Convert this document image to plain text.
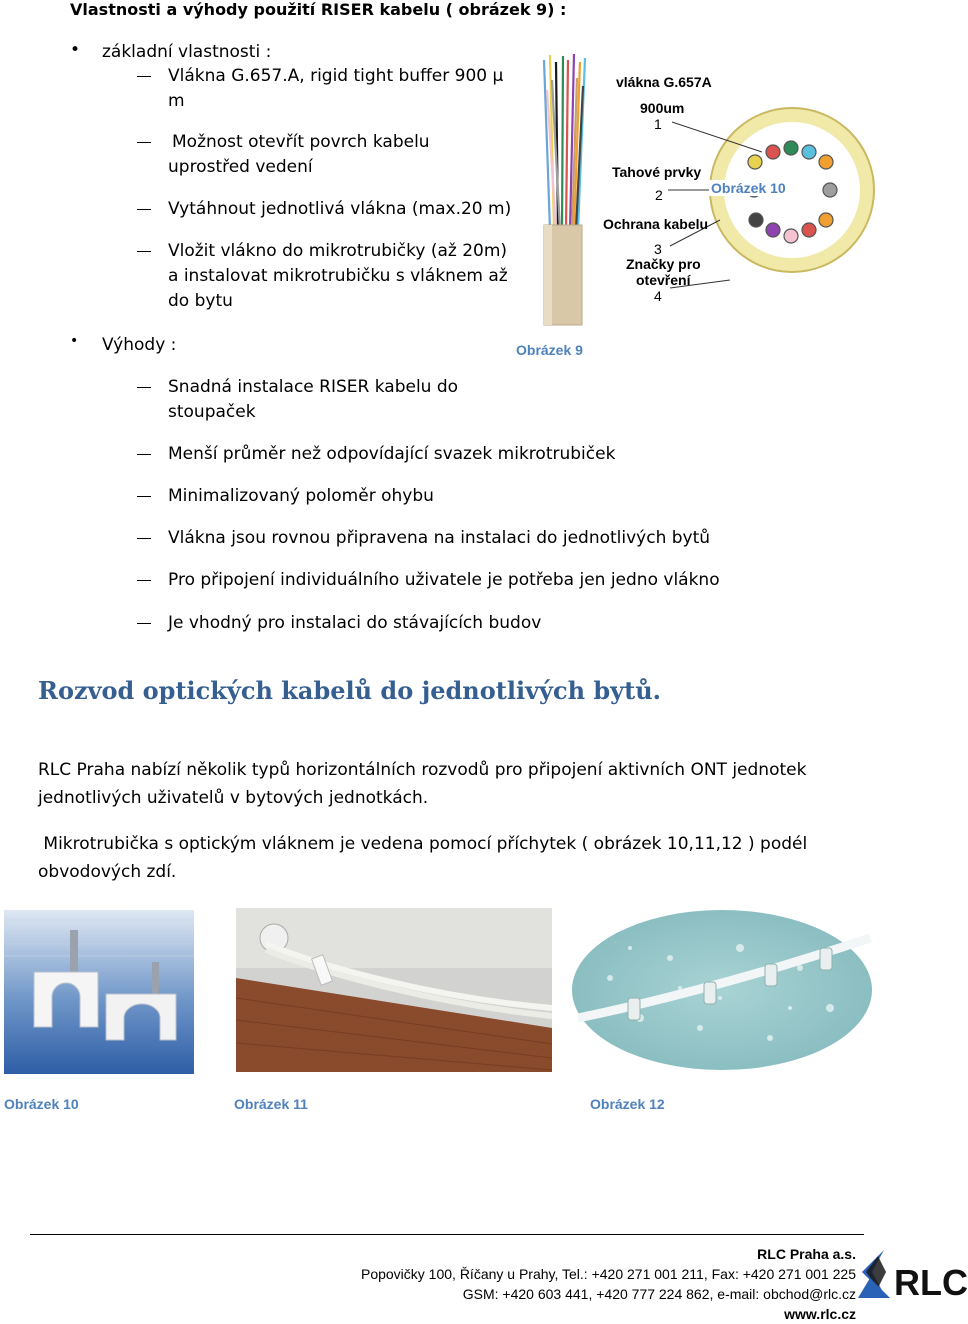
Vlastnosti a výhody použití RISER kabelu ( obrázek 9) :
• základní vlastnosti :
Vlákna G.657.A, rigid tight buffer 900 μ
m
Možnost otevřít povrch kabelu
uprostřed vedení
Vytáhnout jednotlivá vlákna (max.20 m)
Vložit vlákno do mikrotrubičky (až 20m)
a instalovat mikrotrubičku s vláknem až
do bytu
• Výhody :
Snadná instalace RISER kabelu do
stoupaček
Menší průměr než odpovídající svazek mikrotrubiček
Minimalizovaný poloměr ohybu
Vlákna jsou rovnou připravena na instalaci do jednotlivých bytů
Pro připojení individuálního uživatele je potřeba jen jedno vlákno
Je vhodný pro instalaci do stávajících budov
vlákna G.657A
900um
1
Tahové prvky
2
Ochrana kabelu
3
Značky pro
otevření
4
Obrázek 10
Obrázek 9
Rozvod optických kabelů do jednotlivých bytů.
RLC Praha nabízí několik typů horizontálních rozvodů pro připojení aktivních ONT jednotek
jednotlivých uživatelů v bytových jednotkách.
Mikrotrubička s optickým vláknem je vedena pomocí příchytek ( obrázek 10,11,12 ) podél
obvodových zdí.
Obrázek 10	Obrázek 11	Obrázek 12
RLC Praha a.s.
Popovičky 100, Říčany u Prahy, Tel.: +420 271 001 211, Fax: +420 271 001 225
GSM: +420 603 441, +420 777 224 862, e-mail: obchod@rlc.cz
www.rlc.cz
RLC
